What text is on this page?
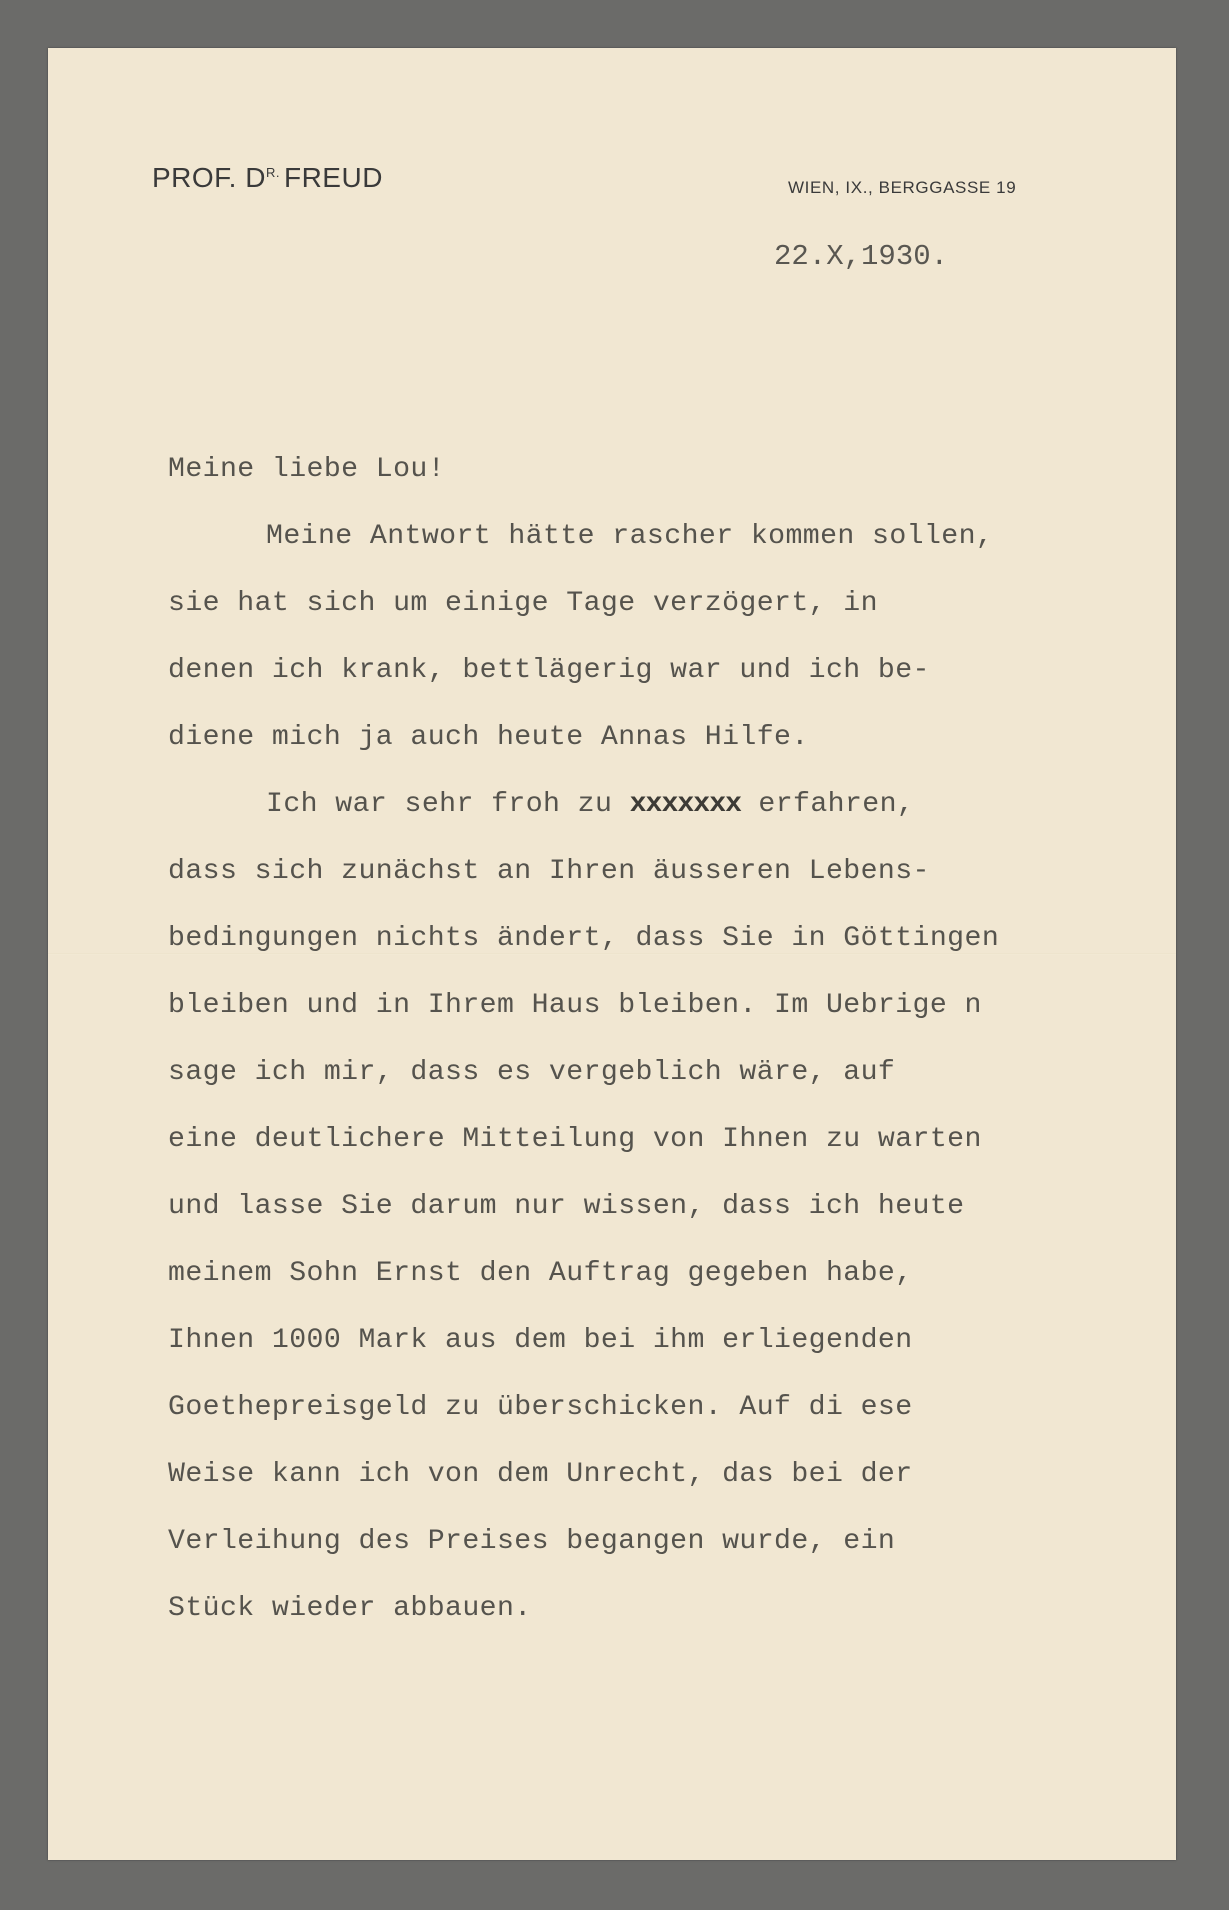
PROF. $D^{R.}$ FREUD	WIEN, IX., BERGGASSE 19
22.X,1930.
Meine liebe Lou!
Meine Antwort hätte rascher kommen sollen,
sie hat sich um einige Tage verzögert, in
denen ich krank, bettlägerig war und ich be-
diene mich ja auch heute Annas Hilfe.
Ich war sehr froh zu xxxxxxx erfahren,
dass sich zunächst an Ihren äusseren Lebens-
bedingungen nichts ändert, dass Sie in Göttingen
bleiben und in Ihrem Haus bleiben. Im Uebrige n
sage ich mir, dass es vergeblich wäre, auf
eine deutlichere Mitteilung von Ihnen zu warten
und lasse Sie darum nur wissen, dass ich heute
meinem Sohn Ernst den Auftrag gegeben habe,
Ihnen 1000 Mark aus dem bei ihm erliegenden
Goethepreisgeld zu überschicken. Auf di ese
Weise kann ich von dem Unrecht, das bei der
Verleihung des Preises begangen wurde, ein
Stück wieder abbauen.
